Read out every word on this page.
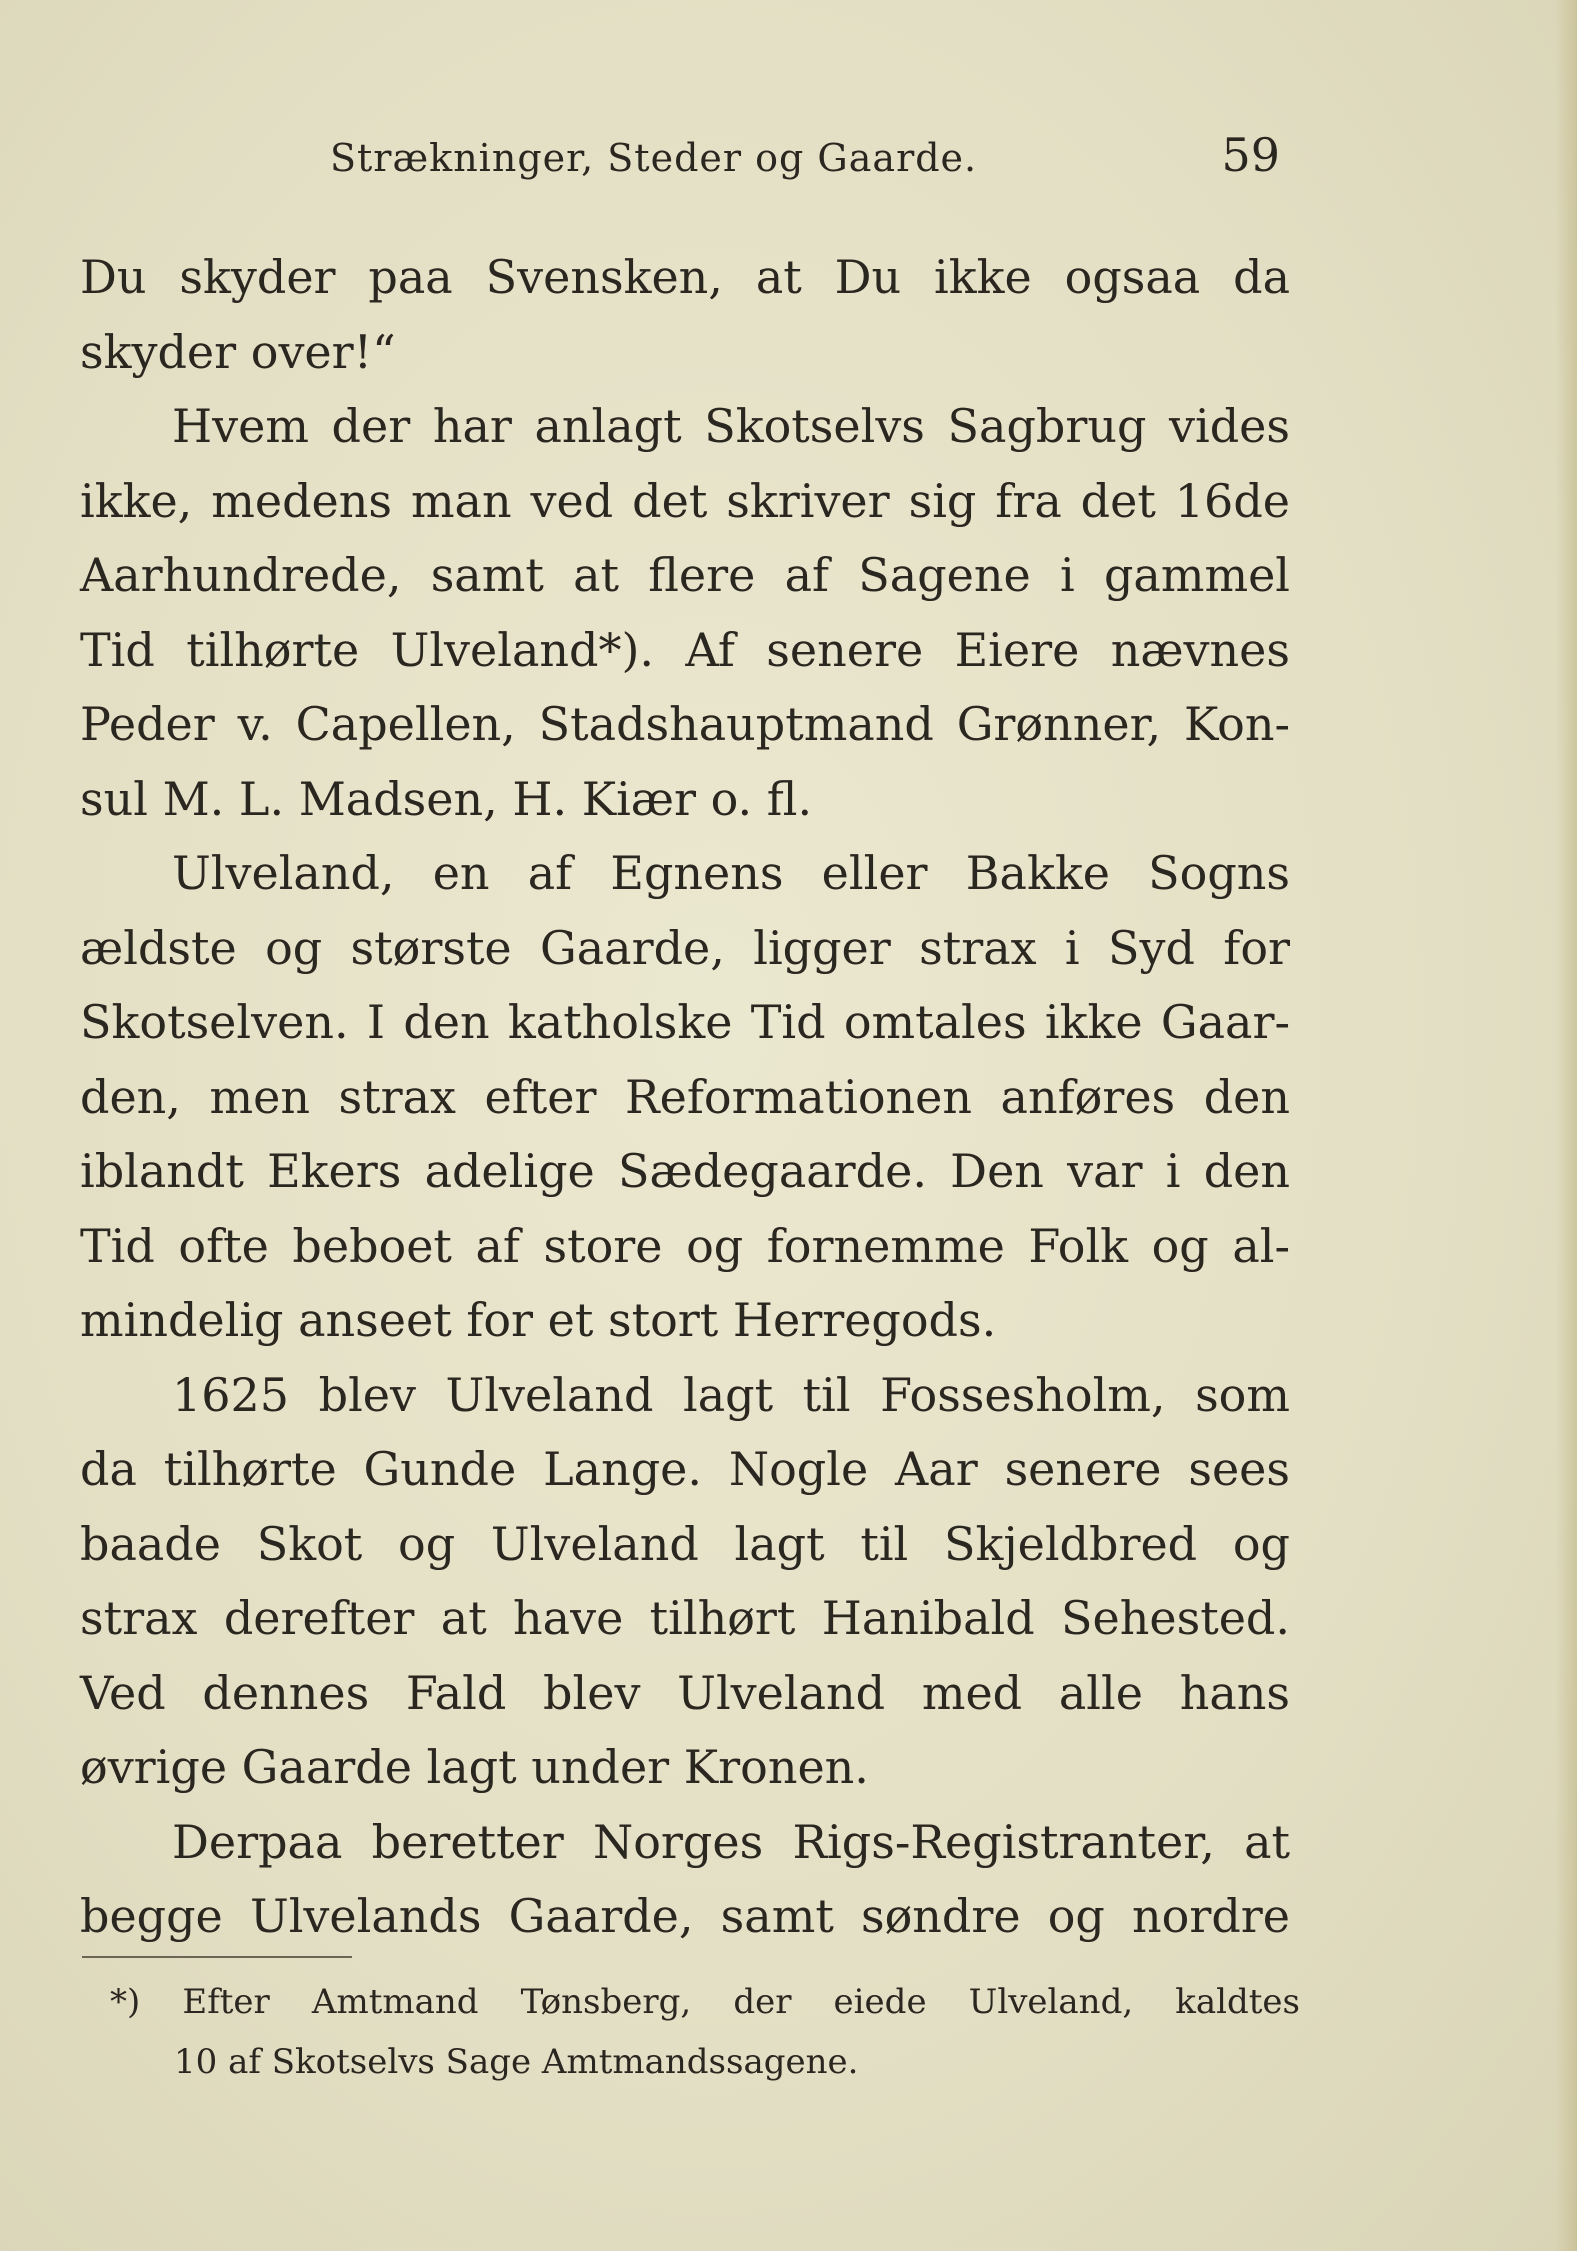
Strækninger, Steder og Gaarde.	59
Du skyder paa Svensken, at Du ikke ogsaa da
skyder over!“
Hvem der har anlagt Skotselvs Sagbrug vides
ikke, medens man ved det skriver sig fra det 16de
Aarhundrede, samt at flere af Sagene i gammel
Tid tilhørte Ulveland*). Af senere Eiere nævnes
Peder v. Capellen, Stadshauptmand Grønner, Kon-
sul M. L. Madsen, H. Kiær o. fl.
Ulveland, en af Egnens eller Bakke Sogns
ældste og største Gaarde, ligger strax i Syd for
Skotselven. I den katholske Tid omtales ikke Gaar-
den, men strax efter Reformationen anføres den
iblandt Ekers adelige Sædegaarde. Den var i den
Tid ofte beboet af store og fornemme Folk og al-
mindelig anseet for et stort Herregods.
1625 blev Ulveland lagt til Fossesholm, som
da tilhørte Gunde Lange. Nogle Aar senere sees
baade Skot og Ulveland lagt til Skjeldbred og
strax derefter at have tilhørt Hanibald Sehested.
Ved dennes Fald blev Ulveland med alle hans
øvrige Gaarde lagt under Kronen.
Derpaa beretter Norges Rigs-Registranter, at
begge Ulvelands Gaarde, samt søndre og nordre
*) Efter Amtmand Tønsberg, der eiede Ulveland, kaldtes
10 af Skotselvs Sage Amtmandssagene.
